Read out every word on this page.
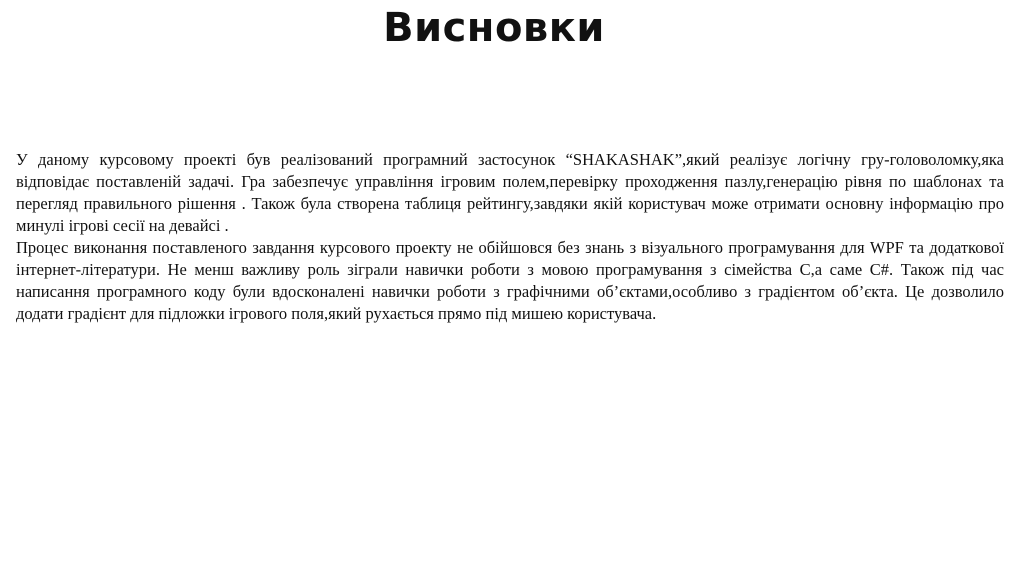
Висновки

У даному курсовому проекті був реалізований програмний застосунок “SHAKASHAK”,який реалізує логічну гру-головоломку,яка відповідає поставленій задачі. Гра забезпечує управління ігровим полем,перевірку проходження пазлу,генерацію рівня по шаблонах та перегляд правильного рішення . Також була створена таблиця рейтингу,завдяки якій користувач може отримати основну інформацію про минулі ігрові сесії на девайсі .

Процес виконання поставленого завдання курсового проекту не обійшовся без знань з візуального програмування для WPF та додаткової інтернет-літератури. Не менш важливу роль зіграли навички роботи з мовою програмування з сімейства С,а саме С#. Також під час написання програмного коду були вдосконалені навички роботи з графічними об’єктами,особливо з градієнтом об’єкта. Це дозволило додати градієнт для підложки ігрового поля,який рухається прямо під мишею користувача.
